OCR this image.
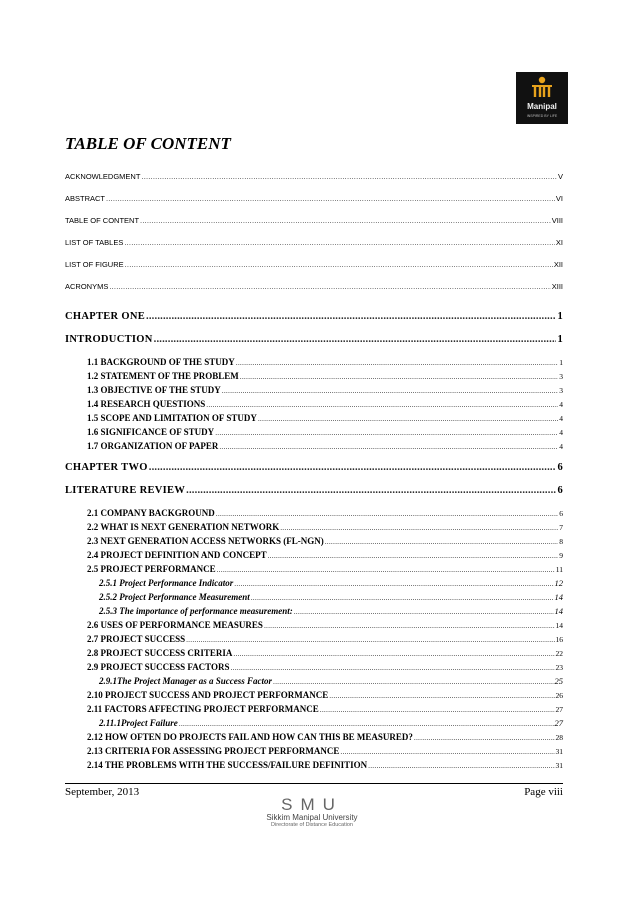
Manipal
INSPIRED BY LIFE
TABLE OF CONTENT
ACKNOWLEDGMENT .....	V
ABSTRACT .....	VI
TABLE OF CONTENT .....	VIII
LIST OF TABLES .....	XI
LIST OF FIGURE .....	XII
ACRONYMS .....	XIII
CHAPTER ONE .....	1
INTRODUCTION .....	1
1.1 BACKGROUND OF THE STUDY .....	1
1.2 STATEMENT OF THE PROBLEM .....	3
1.3 OBJECTIVE OF THE STUDY .....	3
1.4 RESEARCH QUESTIONS .....	4
1.5 SCOPE AND LIMITATION OF STUDY .....	4
1.6 SIGNIFICANCE OF STUDY .....	4
1.7 ORGANIZATION OF PAPER .....	4
CHAPTER TWO .....	6
LITERATURE REVIEW .....	6
2.1 COMPANY BACKGROUND .....	6
2.2 WHAT IS NEXT GENERATION NETWORK .....	7
2.3 NEXT GENERATION ACCESS NETWORKS (FL-NGN) .....	8
2.4 PROJECT DEFINITION AND CONCEPT .....	9
2.5 PROJECT PERFORMANCE .....	11
2.5.1 Project Performance Indicator .....	12
2.5.2 Project Performance Measurement .....	14
2.5.3 The importance of performance measurement: .....	14
2.6 USES OF PERFORMANCE MEASURES .....	14
2.7 PROJECT SUCCESS .....	16
2.8 PROJECT SUCCESS CRITERIA .....	22
2.9 PROJECT SUCCESS FACTORS .....	23
2.9.1The Project Manager as a Success Factor .....	25
2.10 PROJECT SUCCESS AND PROJECT PERFORMANCE .....	26
2.11 FACTORS AFFECTING PROJECT PERFORMANCE .....	27
2.11.1Project Failure .....	27
2.12 HOW OFTEN DO PROJECTS FAIL AND HOW CAN THIS BE MEASURED? .....	28
2.13 CRITERIA FOR ASSESSING PROJECT PERFORMANCE .....	31
2.14 THE PROBLEMS WITH THE SUCCESS/FAILURE DEFINITION .....	31
September, 2013	Page viii
SMU
Sikkim Manipal University
Directorate of Distance Education
